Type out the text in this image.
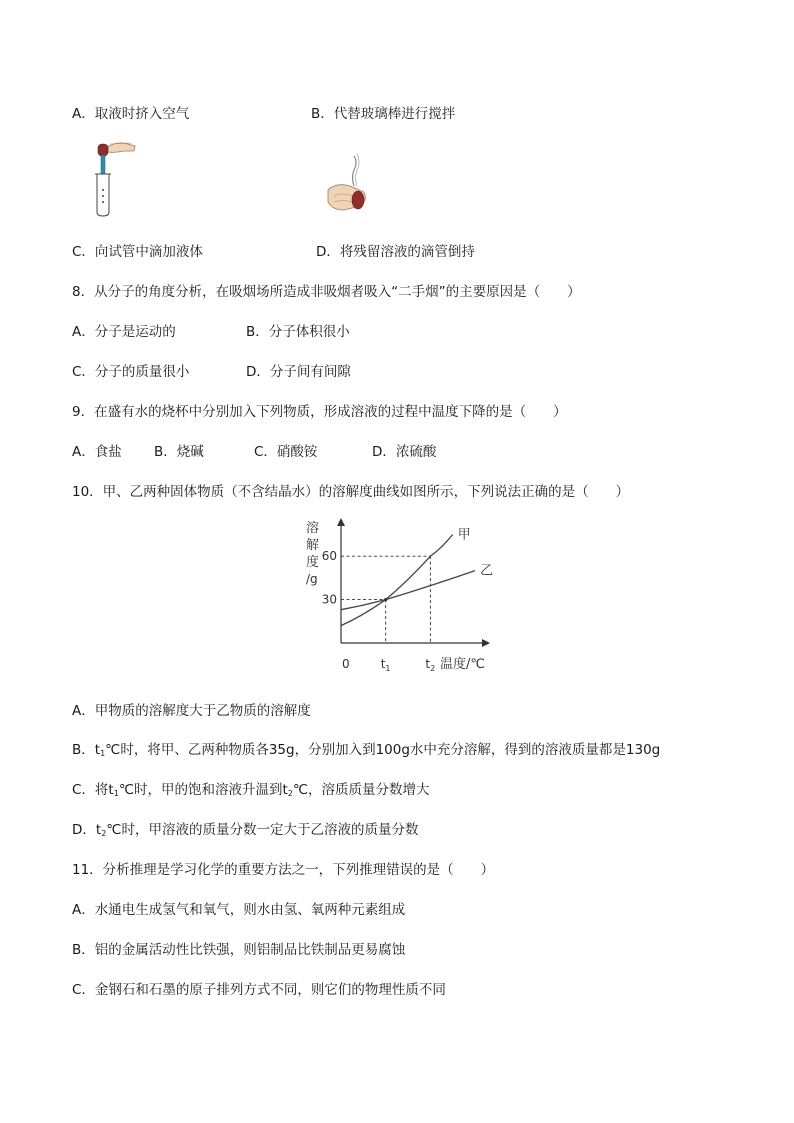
A．取液时挤入空气	B．代替玻璃棒进行搅拌
C．向试管中滴加液体	D．将残留溶液的滴管倒持
8．从分子的角度分析，在吸烟场所造成非吸烟者吸入“二手烟”的主要原因是（　　）
A．分子是运动的	B．分子体积很小
C．分子的质量很小	D．分子间有间隙
9．在盛有水的烧杯中分别加入下列物质，形成溶液的过程中温度下降的是（　　）
A．食盐 B．烧碱	C．硝酸铵	D．浓硫酸
10．甲、乙两种固体物质（不含结晶水）的溶解度曲线如图所示，下列说法正确的是（　　）
溶
解
度
/g
30
60
$t_1$	$t_2$
甲
乙
0	温度/℃
A．甲物质的溶解度大于乙物质的溶解度
B．$t_1℃$时，将甲、乙两种物质各35g，分别加入到100g水中充分溶解，得到的溶液质量都是130g
C．将$t_1℃$时，甲的饱和溶液升温到$t_2℃$，溶质质量分数增大
D．$t_2℃$时，甲溶液的质量分数一定大于乙溶液的质量分数
11．分析推理是学习化学的重要方法之一，下列推理错误的是（　　）
A．水通电生成氢气和氧气，则水由氢、氧两种元素组成
B．铝的金属活动性比铁强，则铝制品比铁制品更易腐蚀
C．金钢石和石墨的原子排列方式不同，则它们的物理性质不同
